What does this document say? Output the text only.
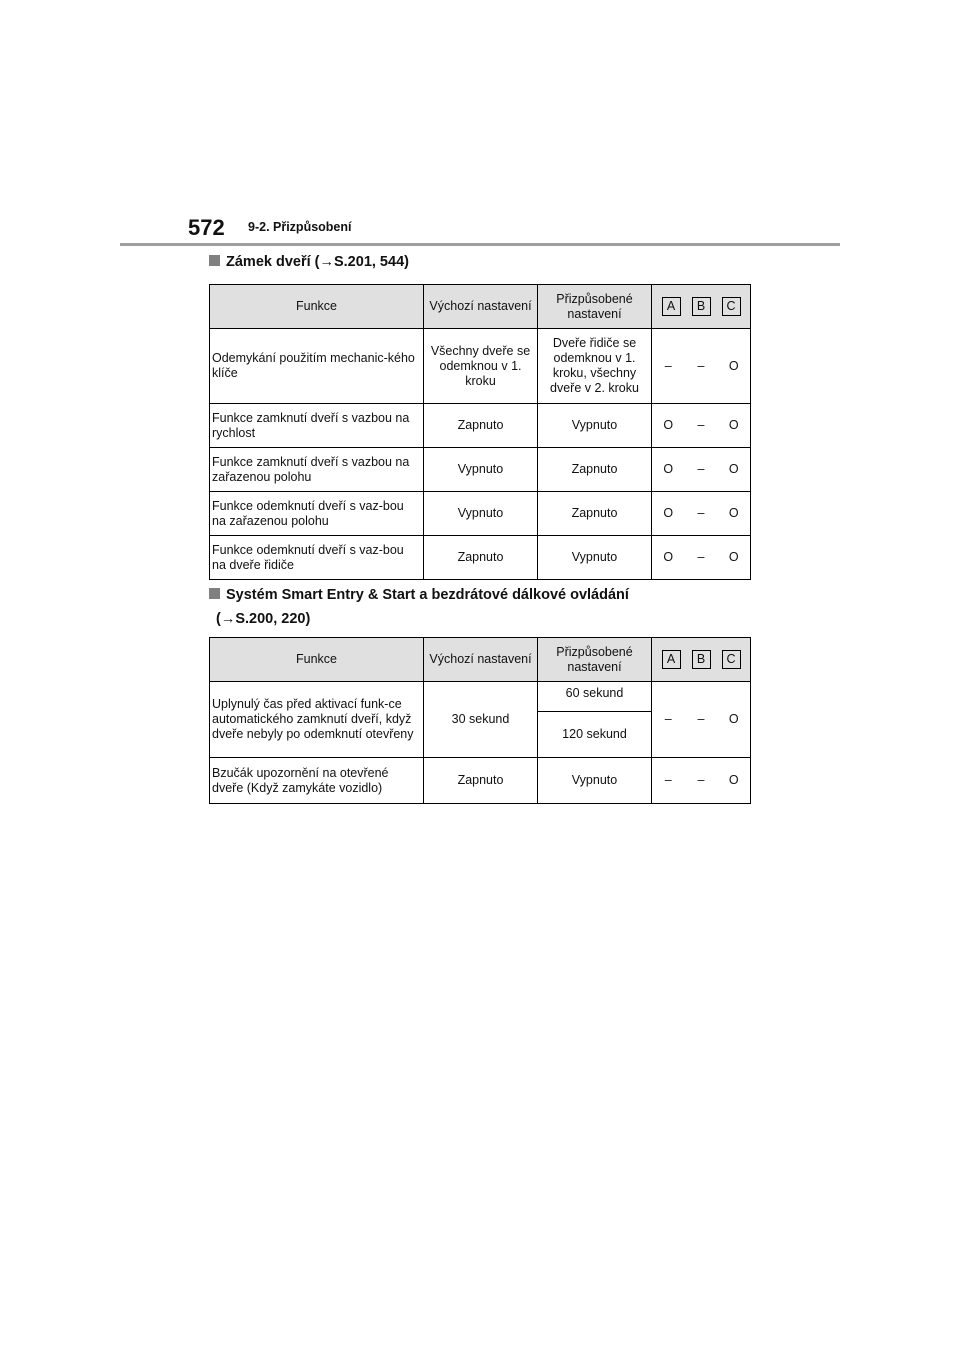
572 9-2. Přizpůsobení
Zámek dveří (→S.201, 544)
Funkce	Výchozí nastavení	Přizpůsobené nastavení	A B C		

Odemykání použitím mechanic-kého klíče	Všechny dveře se odemknou v 1. kroku	Dveře řidiče se odemknou v 1. kroku, všechny dveře v 2. kroku	–	–	O
Funkce zamknutí dveří s vazbou na rychlost	Zapnuto	Vypnuto	O	–	O
Funkce zamknutí dveří s vazbou na zařazenou polohu	Vypnuto	Zapnuto	O	–	O
Funkce odemknutí dveří s vaz-bou na zařazenou polohu	Vypnuto	Zapnuto	O	–	O
Funkce odemknutí dveří s vaz-bou na dveře řidiče	Zapnuto	Vypnuto	O	–	O
Systém Smart Entry & Start a bezdrátové dálkové ovládání
(→S.200, 220)
Funkce	Výchozí nastavení	Přizpůsobené nastavení	A B C		

Uplynulý čas před aktivací funk-ce automatického zamknutí dveří, když dveře nebyly po odemknutí otevřeny	30 sekund	60 sekund	–	–	O
		120 sekund			
Bzučák upozornění na otevřené dveře (Když zamykáte vozidlo)	Zapnuto	Vypnuto	–	–	O
